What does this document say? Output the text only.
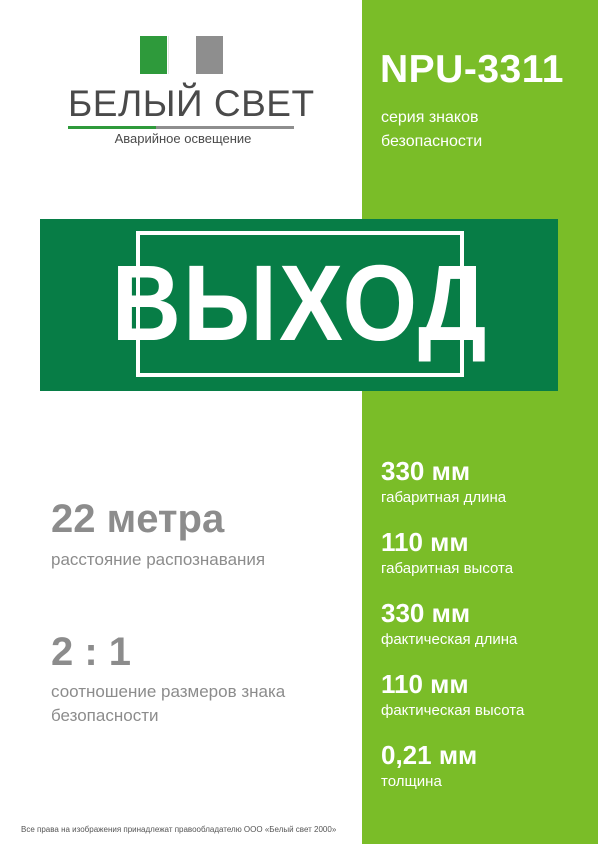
БЕЛЫЙ СВЕТ
Аварийное освещение
NPU-3311
серия знаков безопасности
ВЫХОД
22 метра
расстояние распознавания
2 : 1
соотношение размеров знака безопасности
330 мм
габаритная длина
110 мм
габаритная высота
330 мм
фактическая длина
110 мм
фактическая высота
0,21 мм
толщина
Все права на изображения принадлежат правообладателю ООО «Белый свет 2000»
